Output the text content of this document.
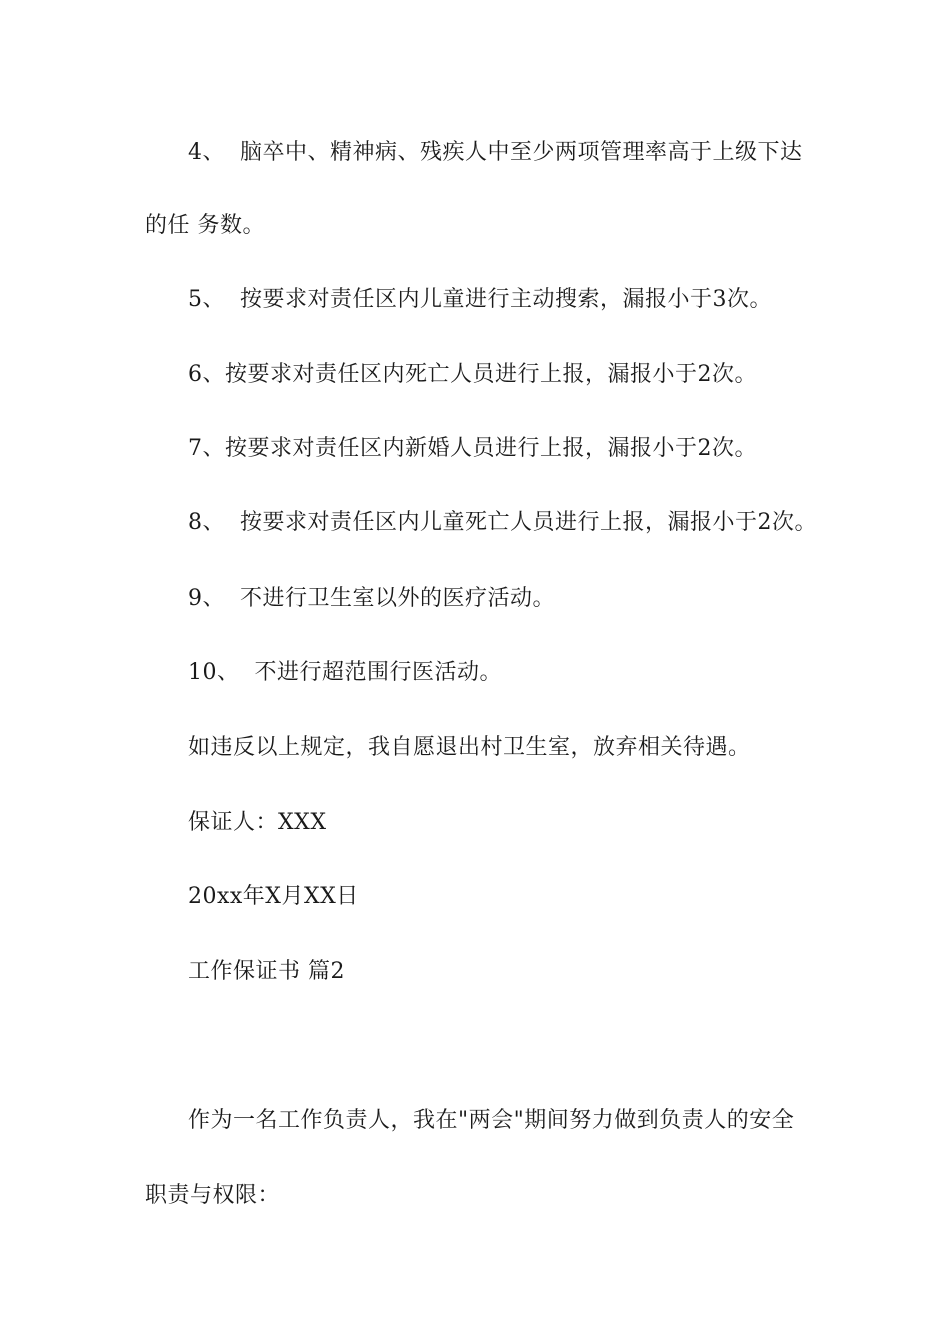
4、  脑卒中、精神病、残疾人中至少两项管理率高于上级下达
的任 务数。
5、  按要求对责任区内儿童进行主动搜索，漏报小于3次。
6、按要求对责任区内死亡人员进行上报，漏报小于2次。
7、按要求对责任区内新婚人员进行上报，漏报小于2次。
8、  按要求对责任区内儿童死亡人员进行上报，漏报小于2次。
9、  不进行卫生室以外的医疗活动。
10、  不进行超范围行医活动。
如违反以上规定，我自愿退出村卫生室，放弃相关待遇。
保证人：XXX
20xx年X月XX日
工作保证书 篇2
作为一名工作负责人，我在"两会"期间努力做到负责人的安全
职责与权限：
